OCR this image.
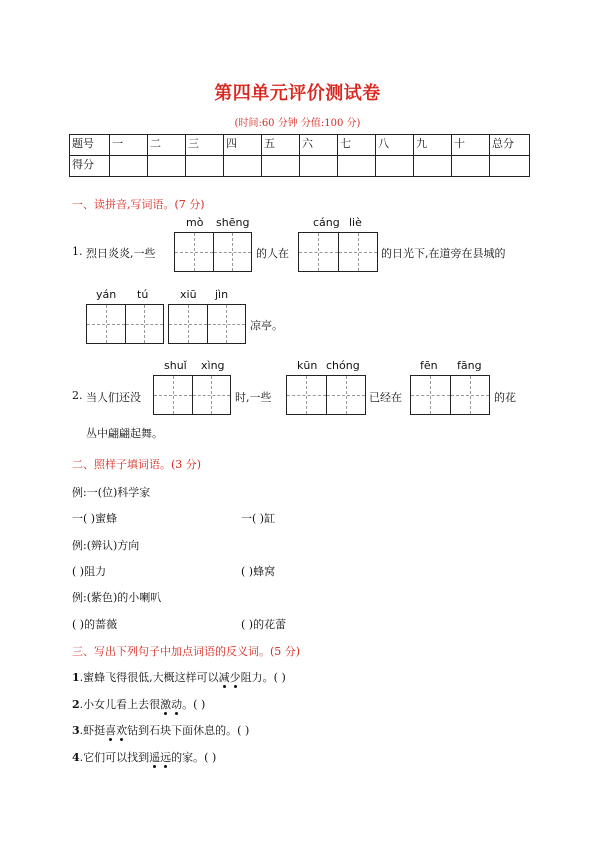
第四单元评价测试卷
(时间:60 分钟 分值:100 分)
题号	一	二	三	四	五	六	七	八	九	十	总分
得分											
一、读拼音,写词语。(7 分)
mò shēng	cáng liè
1. 烈日炎炎,一些	的人在	的日光下,在道旁在县城的
yán tú	xiū jìn
凉亭。
shuǐ xìng	kūn chóng	fēn fāng
2. 当人们还没	时,一些	已经在	的花
丛中翩翩起舞。
二、照样子填词语。(3 分)
例:一(位)科学家
一( )蜜蜂	一( )缸
例:(辨认)方向
( )阻力	( )蜂窝
例:(紫色)的小喇叭
( )的蔷薇	( )的花蕾
三、写出下列句子中加点词语的反义词。(5 分)
1.蜜蜂飞得很低,大概这样可以减少阻力。( )
2.小女儿看上去很激动。( )
3.虾挺喜欢钻到石块下面休息的。( )
4.它们可以找到遥远的家。( )
